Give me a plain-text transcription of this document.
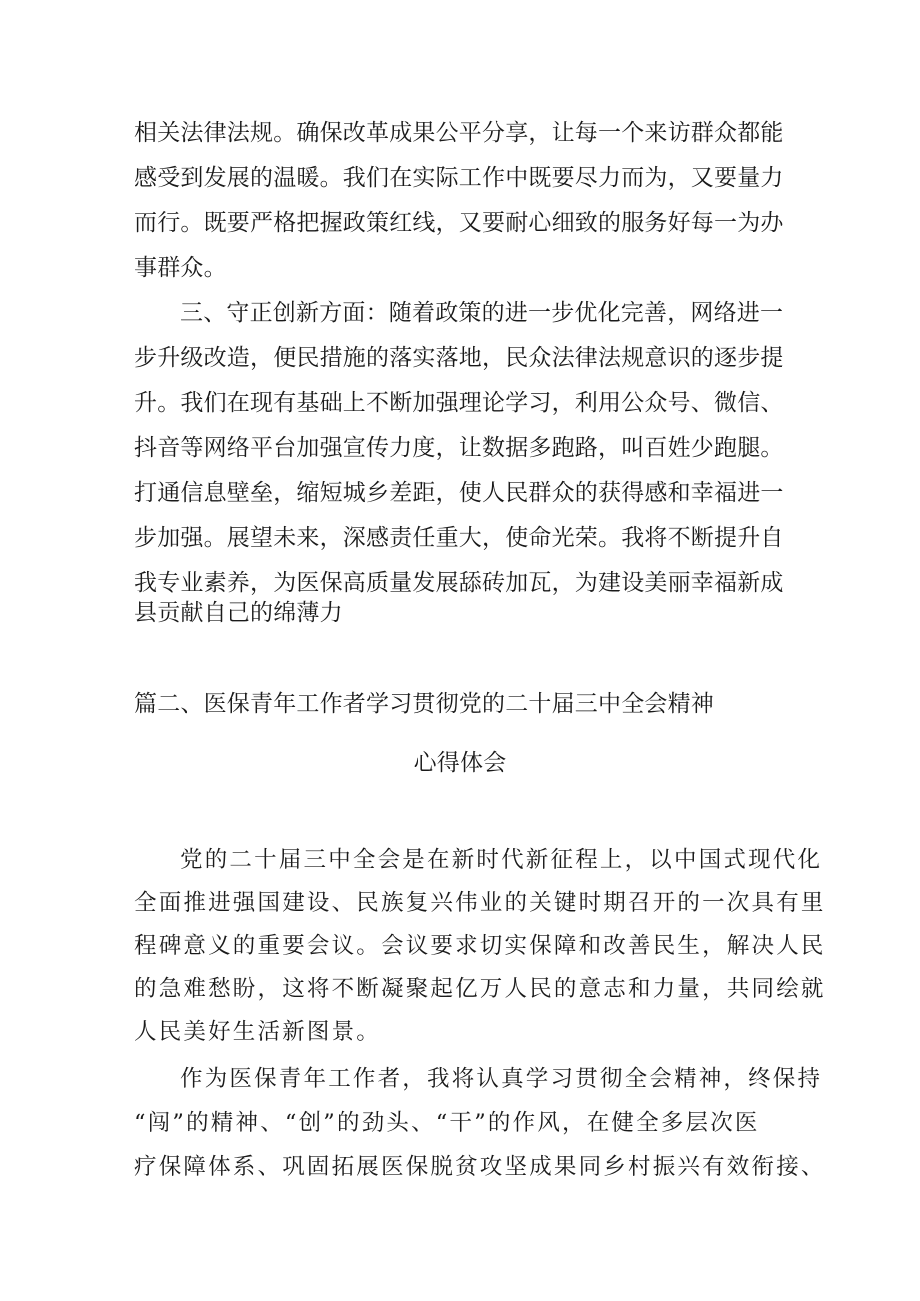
相关法律法规。确保改革成果公平分享，让每一个来访群众都能
感受到发展的温暖。我们在实际工作中既要尽力而为，又要量力
而行。既要严格把握政策红线，又要耐心细致的服务好每一为办
事群众。
三、守正创新方面：随着政策的进一步优化完善，网络进一
步升级改造，便民措施的落实落地，民众法律法规意识的逐步提
升。我们在现有基础上不断加强理论学习，利用公众号、微信、
抖音等网络平台加强宣传力度，让数据多跑路，叫百姓少跑腿。
打通信息壁垒，缩短城乡差距，使人民群众的获得感和幸福进一
步加强。展望未来，深感责任重大，使命光荣。我将不断提升自
我专业素养，为医保高质量发展舔砖加瓦，为建设美丽幸福新成
县贡献自己的绵薄力
篇二、医保青年工作者学习贯彻党的二十届三中全会精神
心得体会
党的二十届三中全会是在新时代新征程上，以中国式现代化
全面推进强国建设、民族复兴伟业的关键时期召开的一次具有里
程碑意义的重要会议。会议要求切实保障和改善民生，解决人民
的急难愁盼，这将不断凝聚起亿万人民的意志和力量，共同绘就
人民美好生活新图景。
作为医保青年工作者，我将认真学习贯彻全会精神，终保持
“闯”的精神、“创”的劲头、“干”的作风，在健全多层次医
疗保障体系、巩固拓展医保脱贫攻坚成果同乡村振兴有效衔接、
